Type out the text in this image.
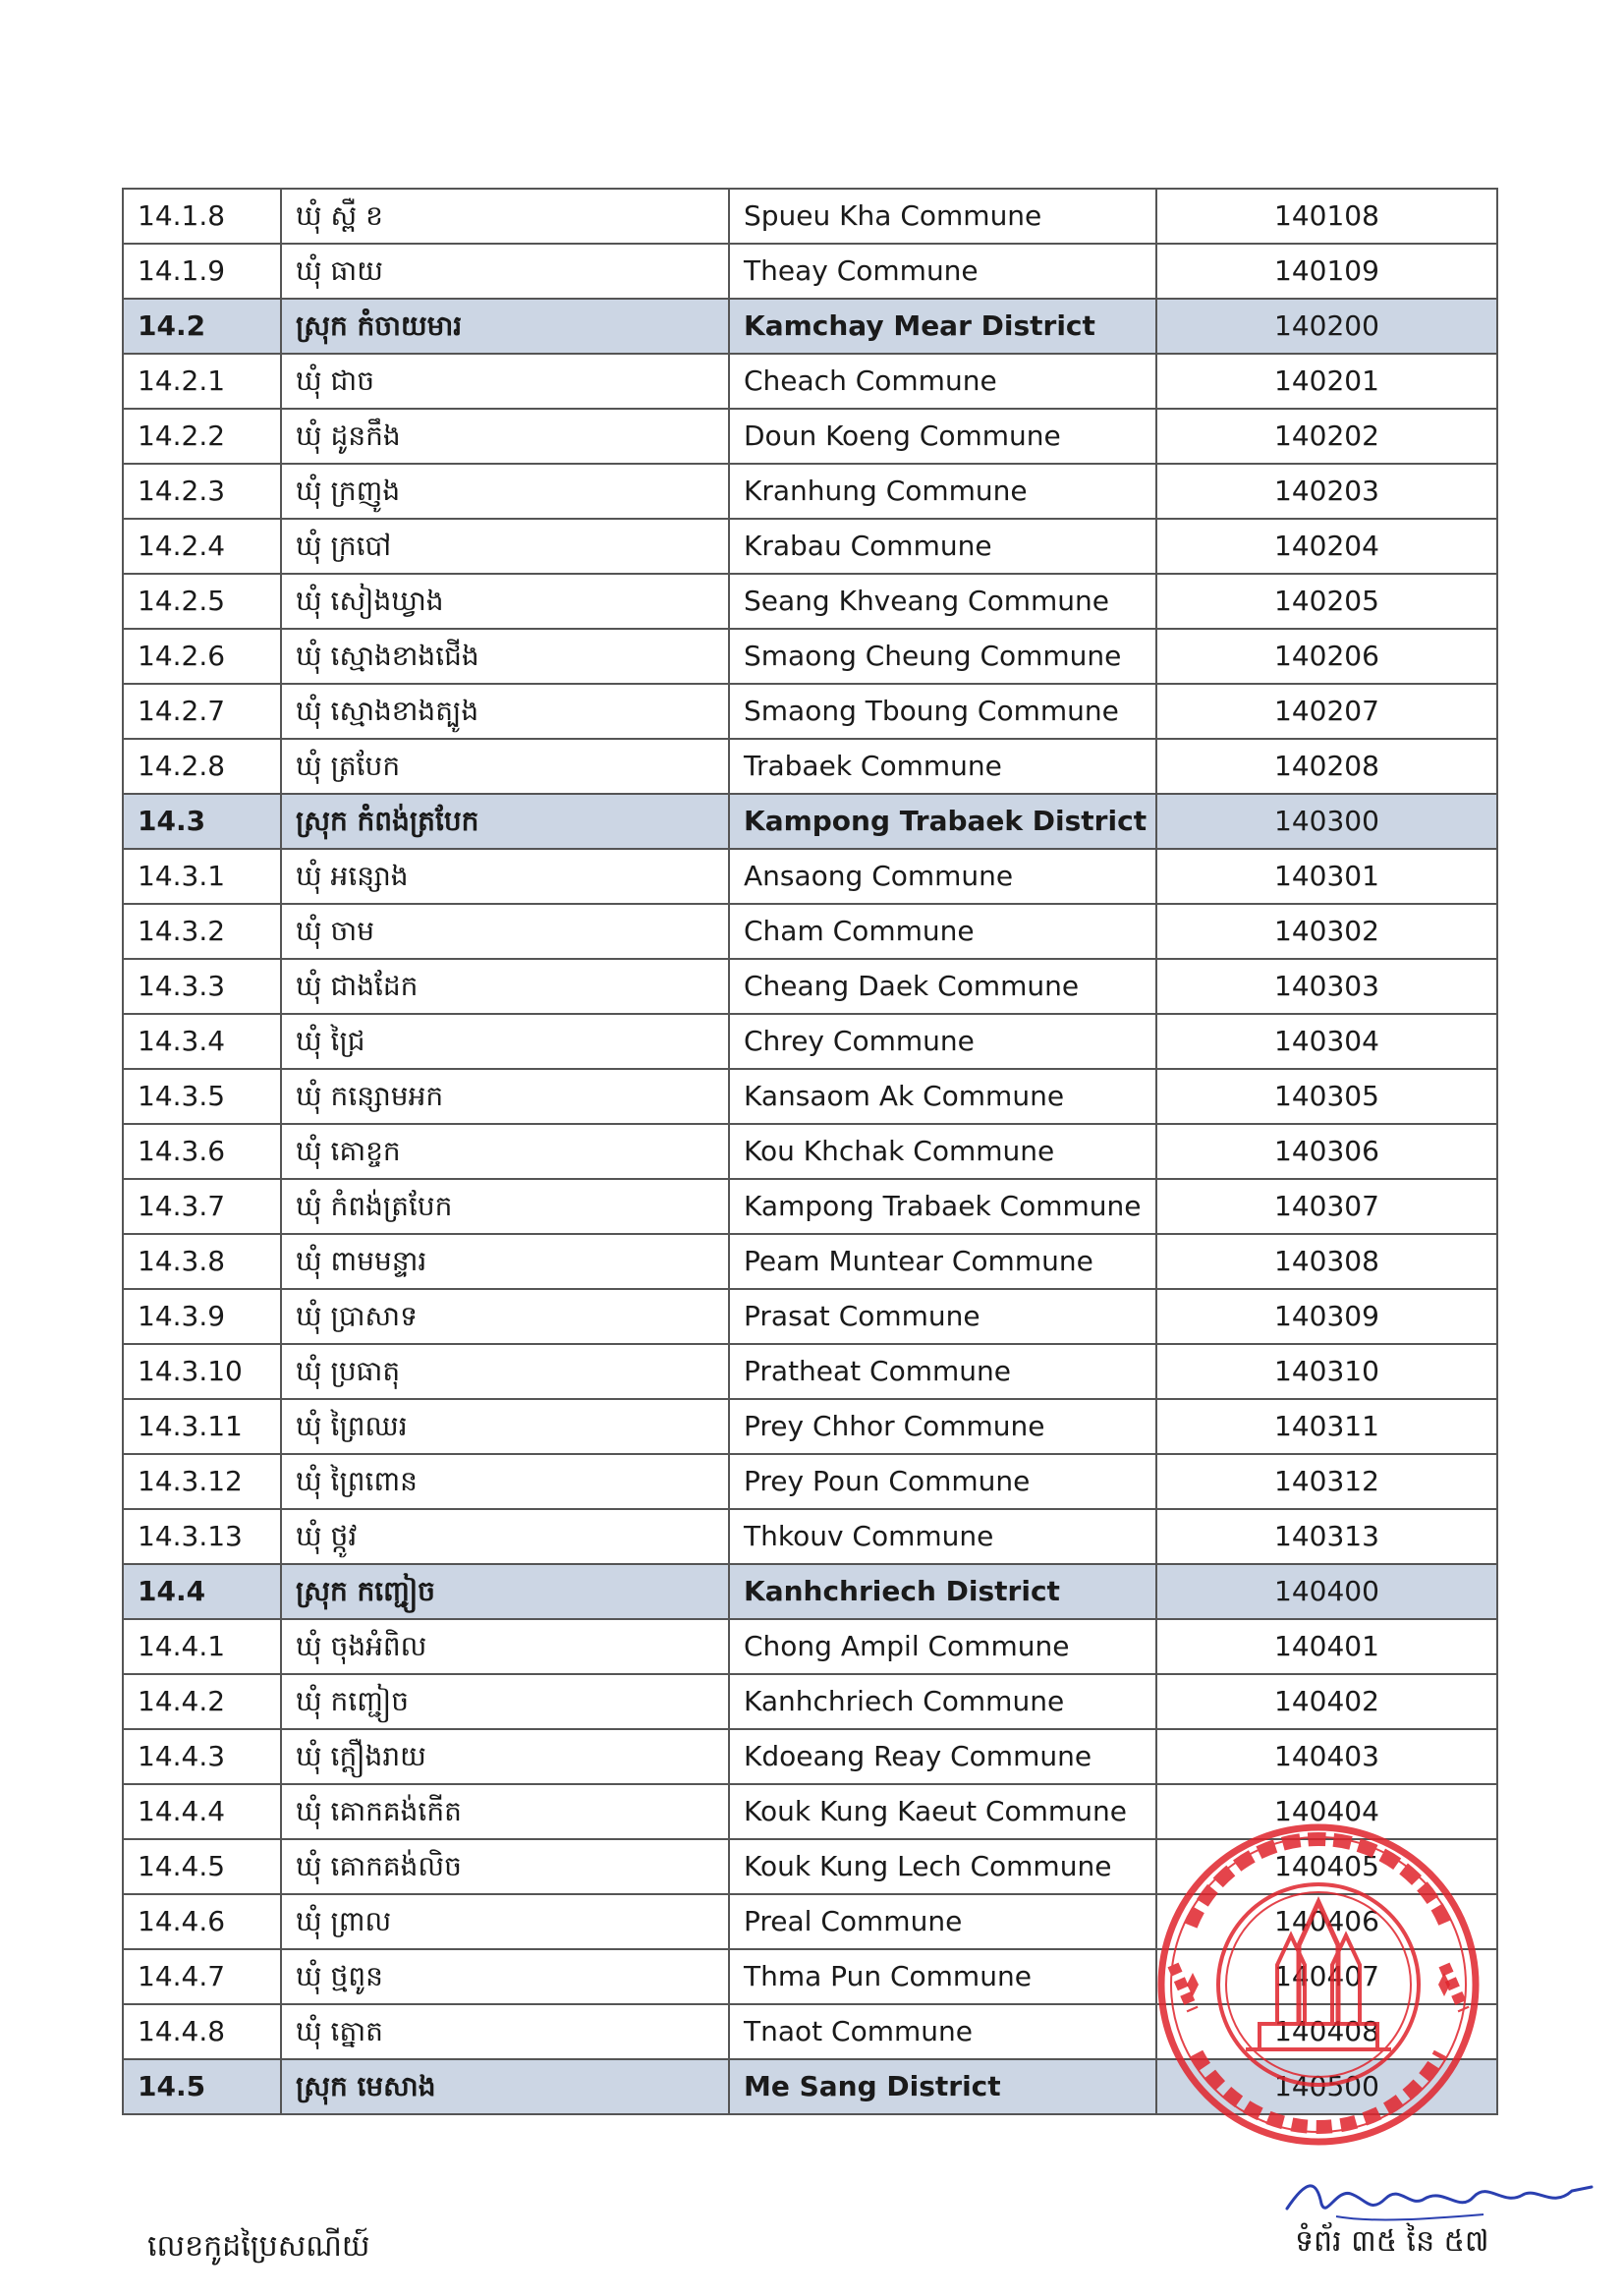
14.1.8	ឃុំ ស្ពឺ ខ	Spueu Kha Commune	140108
14.1.9	ឃុំ ធាយ	Theay Commune	140109
14.2	ស្រុក កំចាយមារ	Kamchay Mear District	140200
14.2.1	ឃុំ ជាច	Cheach Commune	140201
14.2.2	ឃុំ ដូនកឹង	Doun Koeng Commune	140202
14.2.3	ឃុំ ក្រញូង	Kranhung Commune	140203
14.2.4	ឃុំ ក្របៅ	Krabau Commune	140204
14.2.5	ឃុំ សៀងឃ្វាង	Seang Khveang Commune	140205
14.2.6	ឃុំ ស្មោងខាងជើង	Smaong Cheung Commune	140206
14.2.7	ឃុំ ស្មោងខាងត្បូង	Smaong Tboung Commune	140207
14.2.8	ឃុំ ត្របែក	Trabaek Commune	140208
14.3	ស្រុក កំពង់ត្របែក	Kampong Trabaek District	140300
14.3.1	ឃុំ អន្សោង	Ansaong Commune	140301
14.3.2	ឃុំ ចាម	Cham Commune	140302
14.3.3	ឃុំ ជាងដែក	Cheang Daek Commune	140303
14.3.4	ឃុំ ជ្រៃ	Chrey Commune	140304
14.3.5	ឃុំ កន្សោមអក	Kansaom Ak Commune	140305
14.3.6	ឃុំ គោខ្ចក	Kou Khchak Commune	140306
14.3.7	ឃុំ កំពង់ត្របែក	Kampong Trabaek Commune	140307
14.3.8	ឃុំ ពាមមន្ទារ	Peam Muntear Commune	140308
14.3.9	ឃុំ ប្រាសាទ	Prasat Commune	140309
14.3.10	ឃុំ ប្រធាតុ	Pratheat Commune	140310
14.3.11	ឃុំ ព្រៃឈរ	Prey Chhor Commune	140311
14.3.12	ឃុំ ព្រៃពោន	Prey Poun Commune	140312
14.3.13	ឃុំ ថ្កូវ	Thkouv Commune	140313
14.4	ស្រុក កញ្ជៀច	Kanhchriech District	140400
14.4.1	ឃុំ ចុងអំពិល	Chong Ampil Commune	140401
14.4.2	ឃុំ កញ្ជៀច	Kanhchriech Commune	140402
14.4.3	ឃុំ ក្ដឿងរាយ	Kdoeang Reay Commune	140403
14.4.4	ឃុំ គោកគង់កើត	Kouk Kung Kaeut Commune	140404
14.4.5	ឃុំ គោកគង់លិច	Kouk Kung Lech Commune	140405
14.4.6	ឃុំ ព្រាល	Preal Commune	140406
14.4.7	ឃុំ ថ្មពូន	Thma Pun Commune	140407
14.4.8	ឃុំ ត្នោត	Tnaot Commune	140408
14.5	ស្រុក មេសាង	Me Sang District	140500
លេខកូដប្រៃសណីយ៍	ទំព័រ ៣៥ នៃ ៥៧
